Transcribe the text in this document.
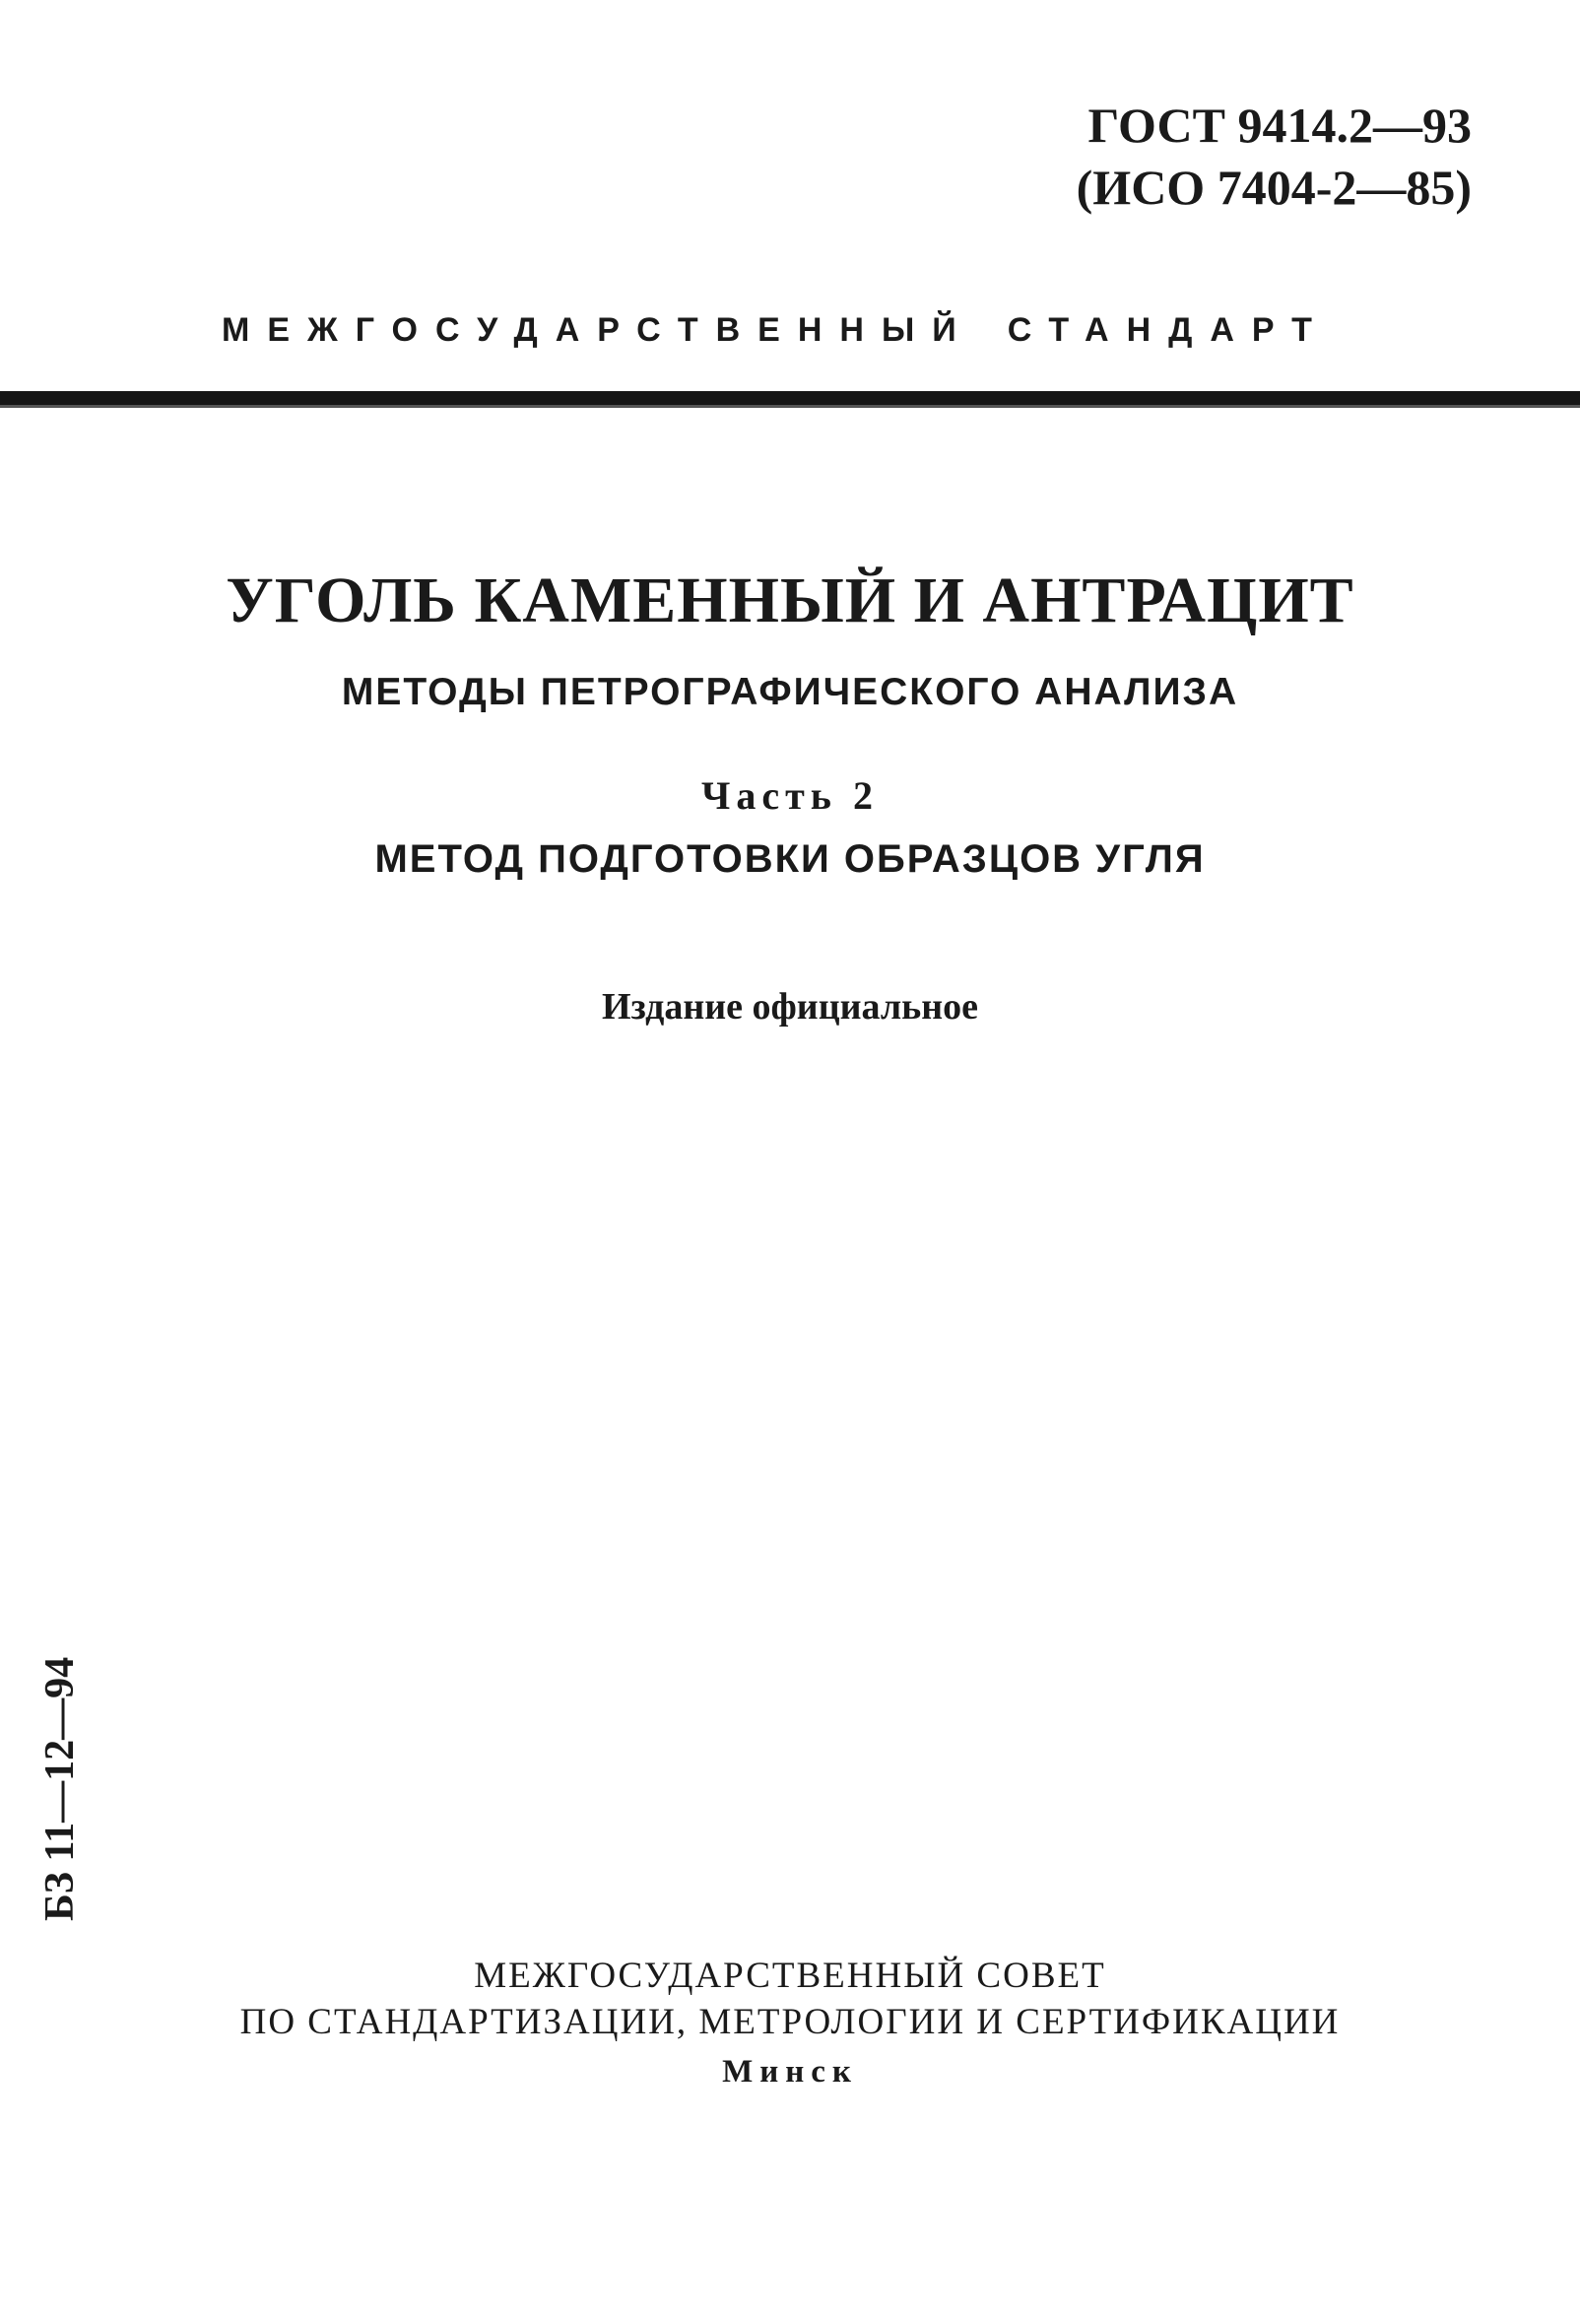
ГОСТ 9414.2—93
(ИСО 7404-2—85)
МЕЖГОСУДАРСТВЕННЫЙ СТАНДАРТ
УГОЛЬ КАМЕННЫЙ И АНТРАЦИТ
МЕТОДЫ ПЕТРОГРАФИЧЕСКОГО АНАЛИЗА
Часть 2
МЕТОД ПОДГОТОВКИ ОБРАЗЦОВ УГЛЯ
Издание официальное
БЗ 11—12—94
МЕЖГОСУДАРСТВЕННЫЙ СОВЕТ
ПО СТАНДАРТИЗАЦИИ, МЕТРОЛОГИИ И СЕРТИФИКАЦИИ
Минск
